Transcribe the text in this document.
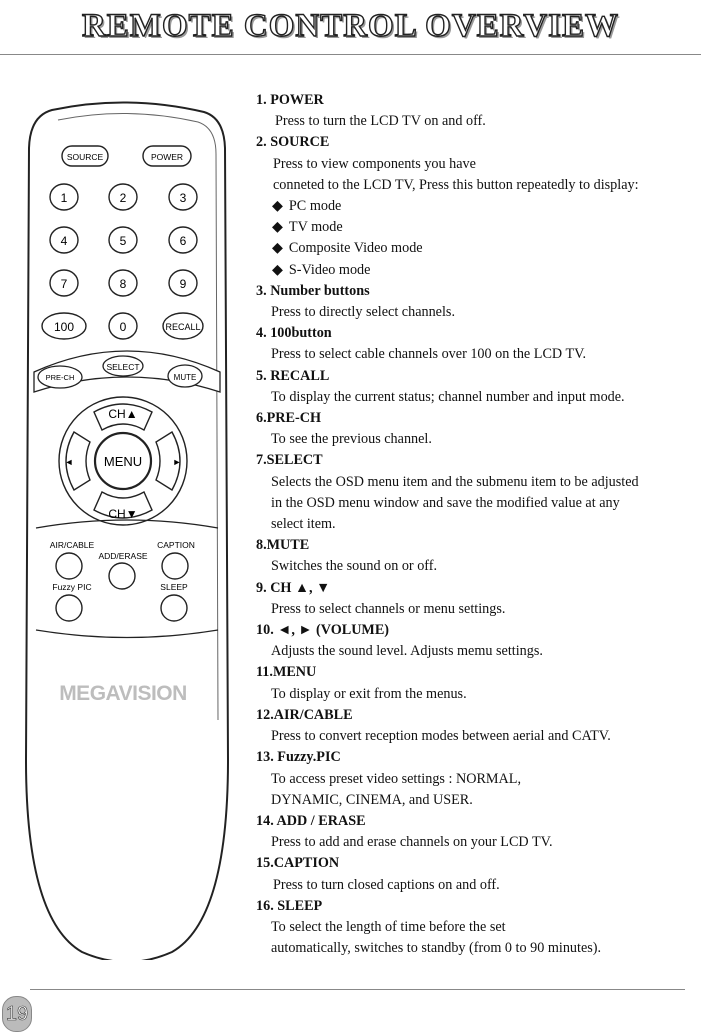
REMOTE CONTROL OVERVIEW
SOURCE	POWER
1	2	3
4	5	6
7	8	9
100	0	RECALL
PRE-CH
SELECT
MUTE
CH▲
CH▼
◄	►
MENU
AIR/CABLE	CAPTION
ADD/ERASE
Fuzzy PIC	SLEEP
MEGAVISION
1. POWER
Press to turn the LCD TV on and off.
2. SOURCE
Press to view components you have
conneted to the LCD TV, Press this button repeatedly to display:
◆ PC mode
◆ TV mode
◆ Composite Video mode
◆ S-Video mode
3. Number buttons
Press to directly select channels.
4. 100button
Press to select cable channels over 100 on the LCD TV.
5. RECALL
To display the current status; channel number and input mode.
6.PRE-CH
To see the previous channel.
7.SELECT
Selects the OSD menu item and the submenu item to be adjusted
in the OSD menu window and save the modified value at any
select item.
8.MUTE
Switches the sound on or off.
9. CH ▲, ▼
Press to select channels or menu settings.
10. ◄, ► (VOLUME)
Adjusts the sound level. Adjusts memu settings.
11.MENU
To display or exit from the menus.
12.AIR/CABLE
Press to convert reception modes between aerial and CATV.
13. Fuzzy.PIC
To access preset video settings : NORMAL,
DYNAMIC, CINEMA, and USER.
14. ADD / ERASE
Press to add and erase channels on your LCD TV.
15.CAPTION
Press to turn closed captions on and off.
16. SLEEP
To select the length of time before the set
automatically, switches to standby (from 0 to 90 minutes).
19
